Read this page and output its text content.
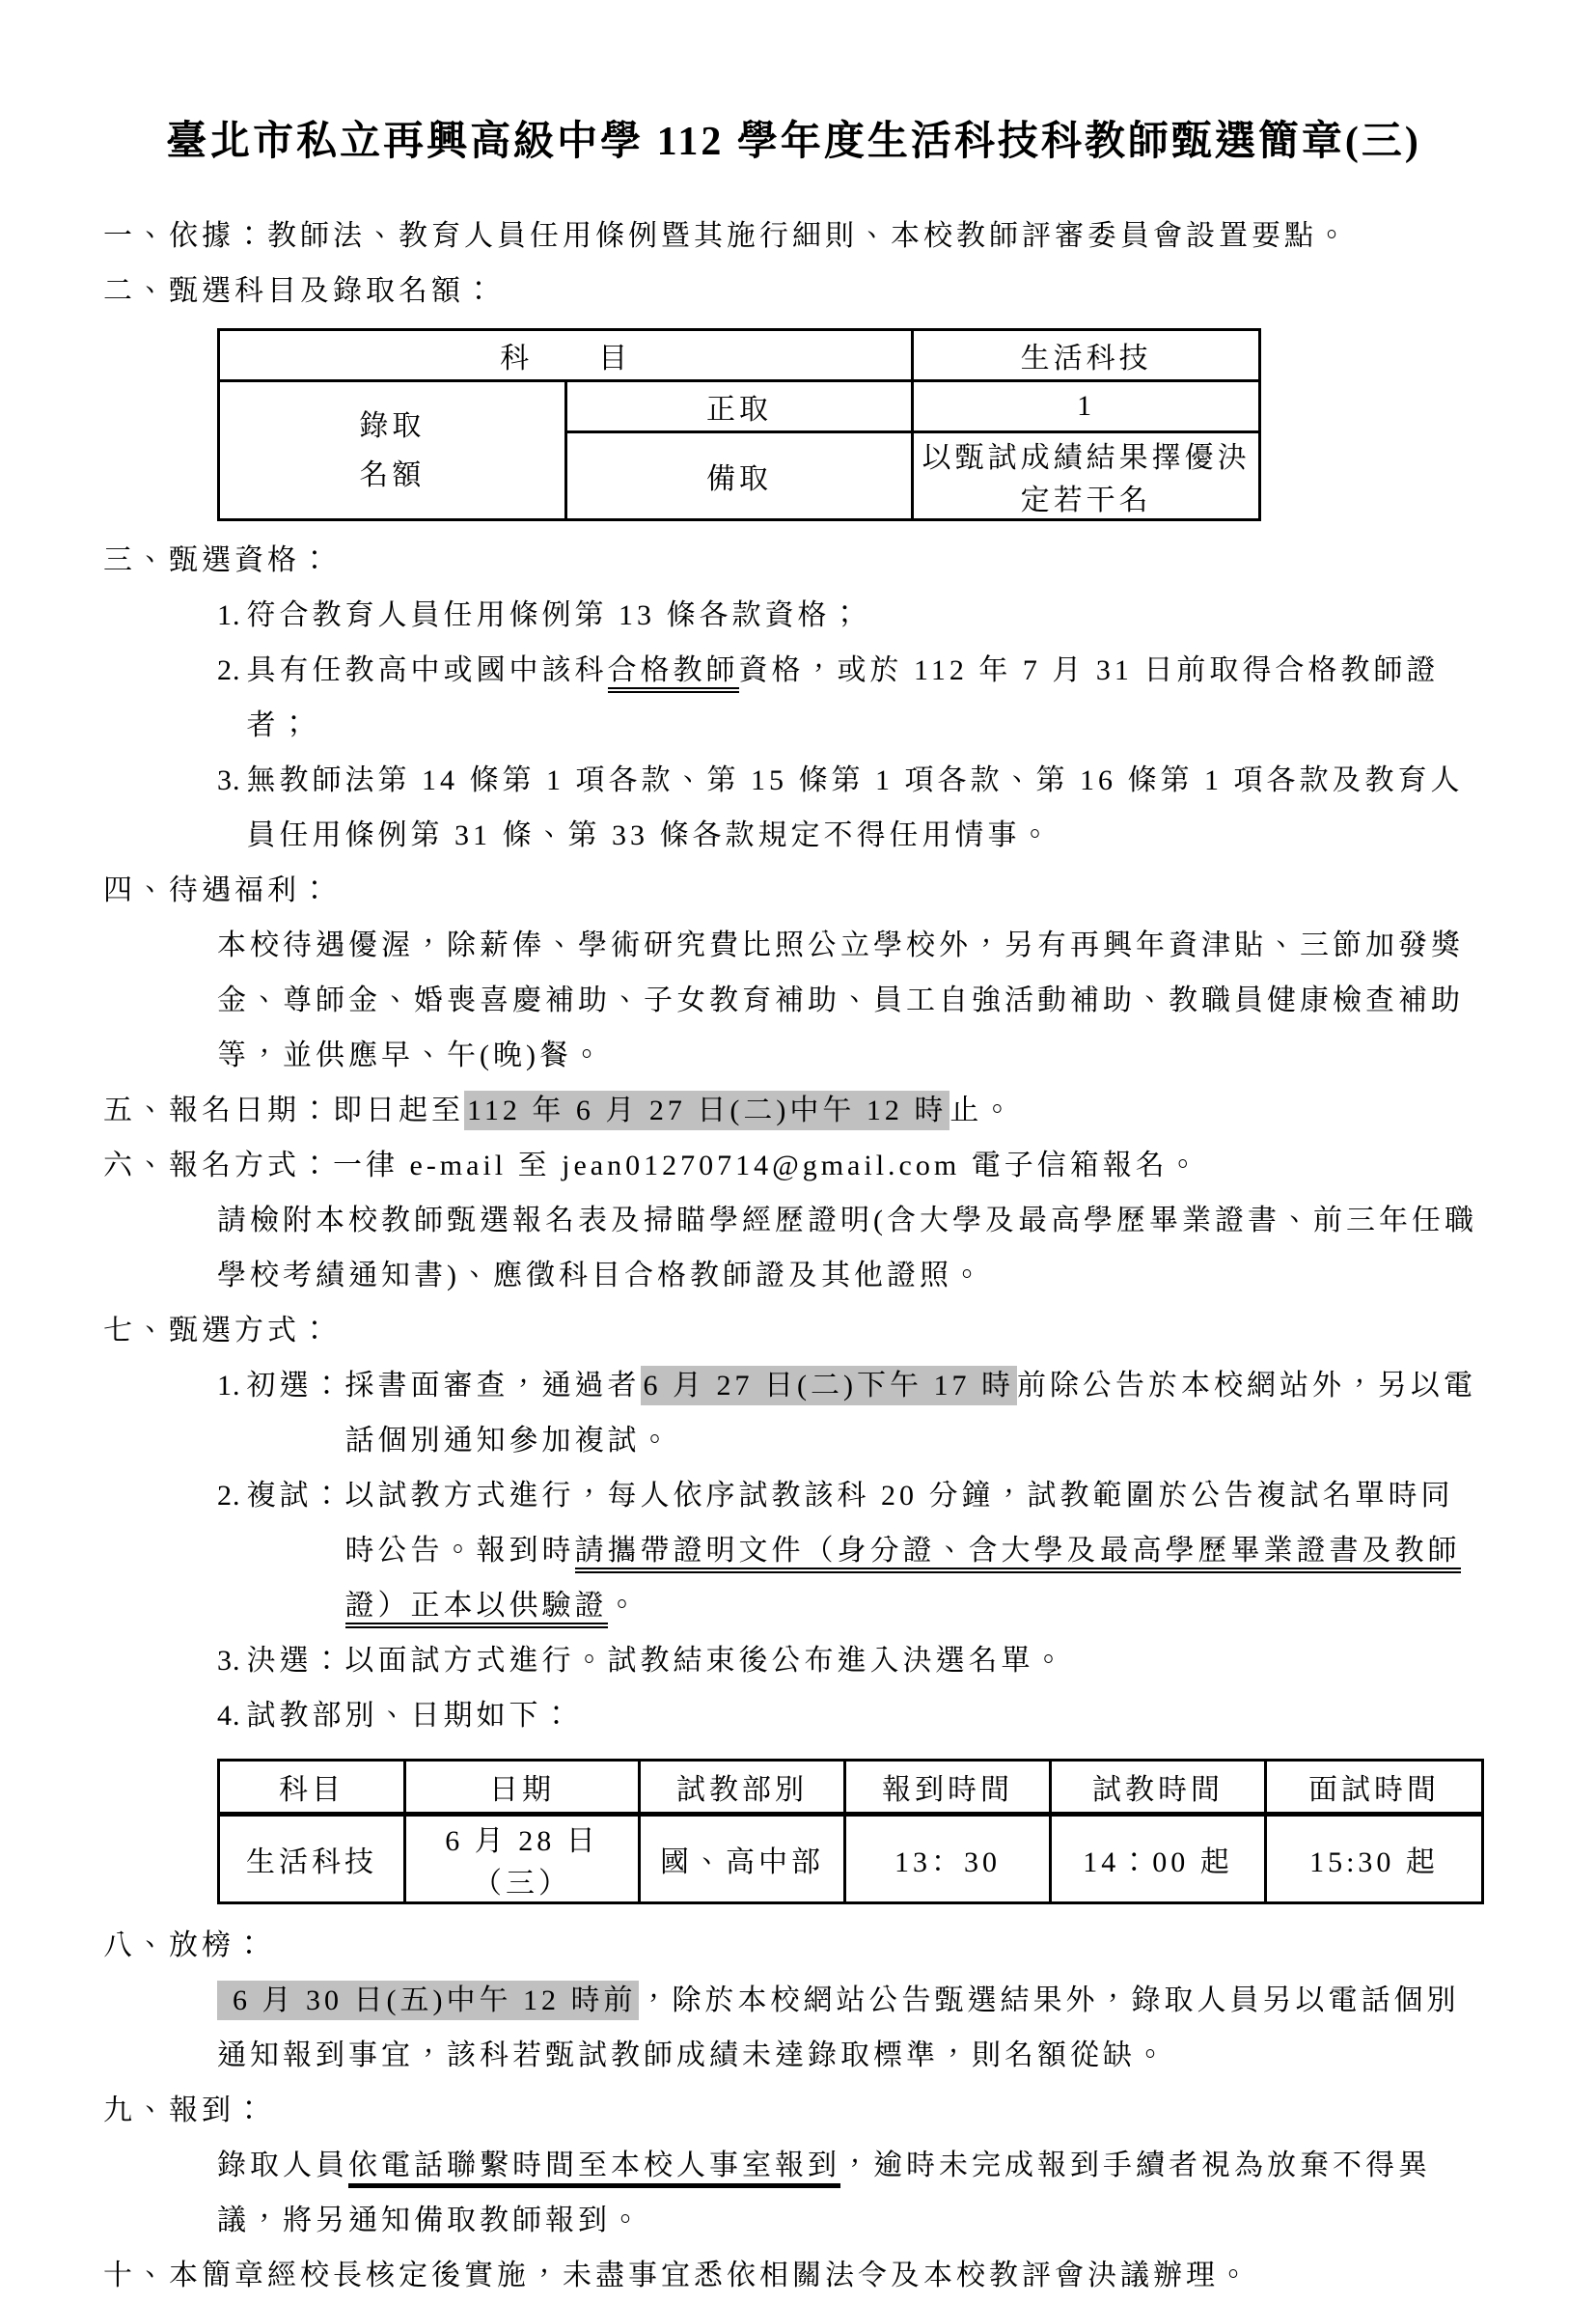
臺北市私立再興高級中學 112 學年度生活科技科教師甄選簡章(三)

一、依據：教師法、教育人員任用條例暨其施行細則、本校教師評審委員會設置要點。

二、甄選科目及錄取名額：

科　　目		生活科技

錄取
名額	正取	1
	備取	以甄試成績結果擇優決定若干名

三、甄選資格：

1. 符合教育人員任用條例第 13 條各款資格；
2. 具有任教高中或國中該科合格教師資格，或於 112 年 7 月 31 日前取得合格教師證者；
3. 無教師法第 14 條第 1 項各款、第 15 條第 1 項各款、第 16 條第 1 項各款及教育人員任用條例第 31 條、第 33 條各款規定不得任用情事。

四、待遇福利：

本校待遇優渥，除薪俸、學術研究費比照公立學校外，另有再興年資津貼、三節加發獎金、尊師金、婚喪喜慶補助、子女教育補助、員工自強活動補助、教職員健康檢查補助等，並供應早、午(晚)餐。

五、報名日期：即日起至 112 年 6 月 27 日(二)中午 12 時 止。

六、報名方式：一律 e-mail 至 jean01270714@gmail.com 電子信箱報名。

請檢附本校教師甄選報名表及掃瞄學經歷證明(含大學及最高學歷畢業證書、前三年任職學校考績通知書)、應徵科目合格教師證及其他證照。

七、甄選方式：

1. 初選： 採書面審查，通過者 6 月 27 日(二)下午 17 時 前除公告於本校網站外，另以電話個別通知參加複試。
2. 複試： 以試教方式進行，每人依序試教該科 20 分鐘，試教範圍於公告複試名單時同時公告。報到時請攜帶證明文件（身分證、含大學及最高學歷畢業證書及教師證）正本以供驗證。
3. 決選： 以面試方式進行。試教結束後公布進入決選名單。
4. 試教部別、日期如下：
科目	日期	試教部別	報到時間	試教時間	面試時間
生活科技	6 月 28 日（三）	國、高中部	13：30	14：00 起	15:30 起

八、放榜：

6 月 30 日(五)中午 12 時前 ，除於本校網站公告甄選結果外，錄取人員另以電話個別通知報到事宜，該科若甄試教師成績未達錄取標準，則名額從缺。

九、報到：

錄取人員依電話聯繫時間至本校人事室報到，逾時未完成報到手續者視為放棄不得異議，將另通知備取教師報到。

十、本簡章經校長核定後實施，未盡事宜悉依相關法令及本校教評會決議辦理。
